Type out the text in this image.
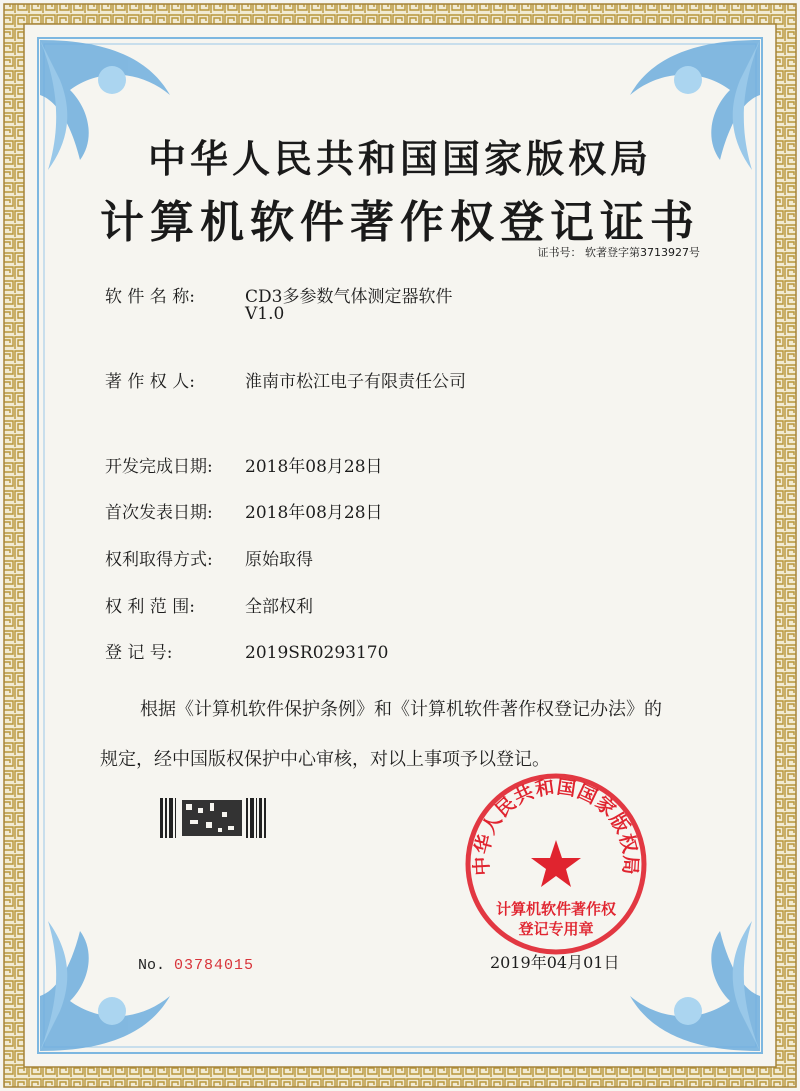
中华人民共和国国家版权局
计算机软件著作权登记证书
证书号： 软著登字第3713927号
软 件 名 称:	CD3多参数气体测定器软件
V1.0
著 作 权 人:	淮南市松江电子有限责任公司
开发完成日期: 2018年08月28日
首次发表日期: 2018年08月28日
权利取得方式: 原始取得
权 利 范 围:	全部权利
登 记 号:	2019SR0293170
根据《计算机软件保护条例》和《计算机软件著作权登记办法》的
规定，经中国版权保护中心审核，对以上事项予以登记。
No. 03784015	2019年04月01日
中华人民共和国国家版权局
计算机软件著作权
登记专用章
